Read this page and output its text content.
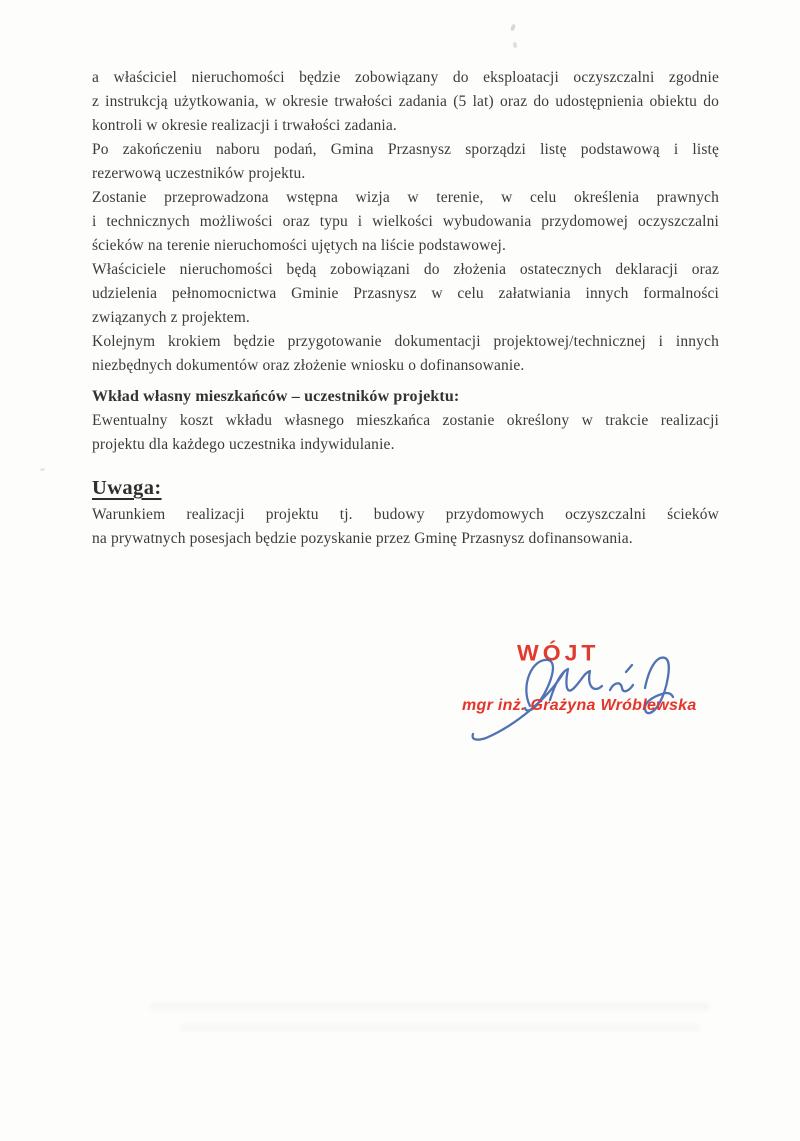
a właściciel nieruchomości będzie zobowiązany do eksploatacji oczyszczalni zgodnie
z instrukcją użytkowania, w okresie trwałości zadania (5 lat) oraz do udostępnienia obiektu do
kontroli w okresie realizacji i trwałości zadania.
Po zakończeniu naboru podań, Gmina Przasnysz sporządzi listę podstawową i listę
rezerwową uczestników projektu.
Zostanie przeprowadzona wstępna wizja w terenie, w celu określenia prawnych
i technicznych możliwości oraz typu i wielkości wybudowania przydomowej oczyszczalni
ścieków na terenie nieruchomości ujętych na liście podstawowej.
Właściciele nieruchomości będą zobowiązani do złożenia ostatecznych deklaracji oraz
udzielenia pełnomocnictwa Gminie Przasnysz w celu załatwiania innych formalności
związanych z projektem.
Kolejnym krokiem będzie przygotowanie dokumentacji projektowej/technicznej i innych
niezbędnych dokumentów oraz złożenie wniosku o dofinansowanie.
Wkład własny mieszkańców – uczestników projektu:
Ewentualny koszt wkładu własnego mieszkańca zostanie określony w trakcie realizacji
projektu dla każdego uczestnika indywidulanie.
Uwaga:
Warunkiem realizacji projektu tj. budowy przydomowych oczyszczalni ścieków
na prywatnych posesjach będzie pozyskanie przez Gminę Przasnysz dofinansowania.
WÓJT
mgr inż. Grażyna Wróblewska
